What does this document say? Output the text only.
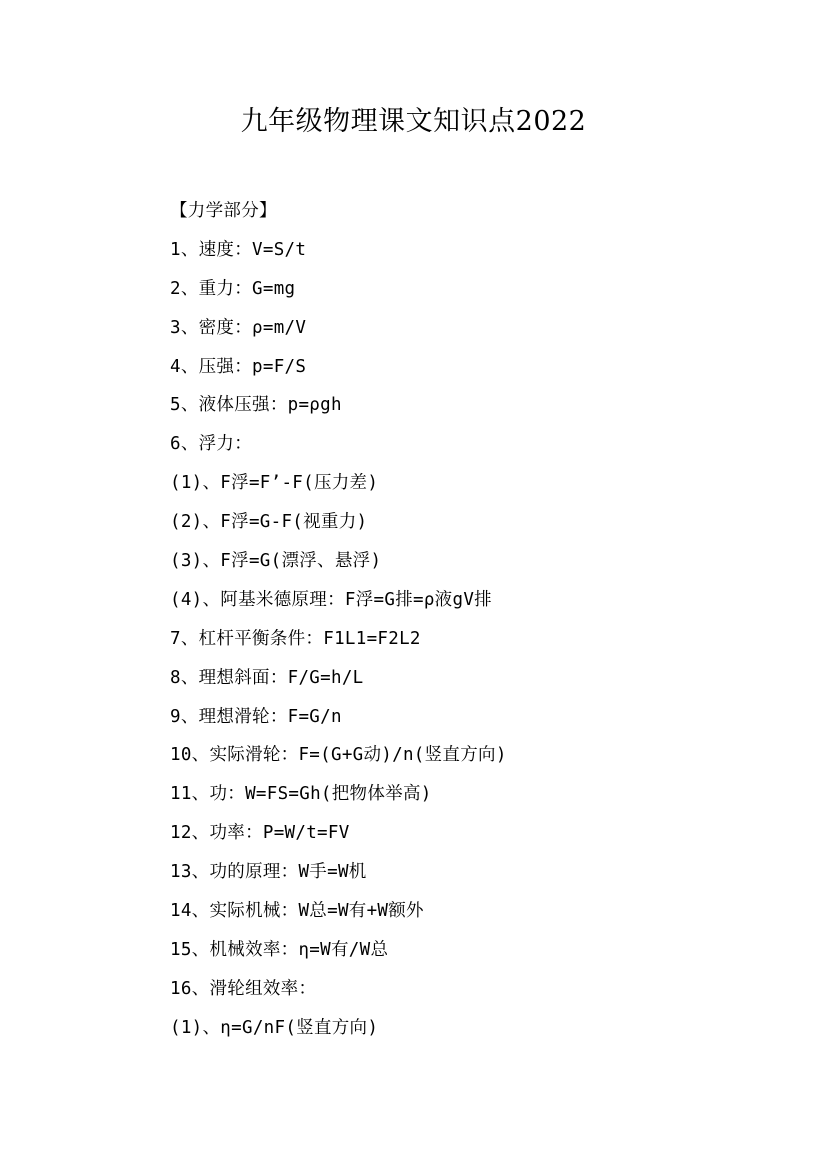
九年级物理课文知识点2022
【力学部分】
1、速度：V=S/t
2、重力：G=mg
3、密度：ρ=m/V
4、压强：p=F/S
5、液体压强：p=ρgh
6、浮力：
(1)、F浮=F’-F(压力差)
(2)、F浮=G-F(视重力)
(3)、F浮=G(漂浮、悬浮)
(4)、阿基米德原理：F浮=G排=ρ液gV排
7、杠杆平衡条件：F1L1=F2L2
8、理想斜面：F/G=h/L
9、理想滑轮：F=G/n
10、实际滑轮：F=(G+G动)/n(竖直方向)
11、功：W=FS=Gh(把物体举高)
12、功率：P=W/t=FV
13、功的原理：W手=W机
14、实际机械：W总=W有+W额外
15、机械效率：η=W有/W总
16、滑轮组效率：
(1)、η=G/nF(竖直方向)
